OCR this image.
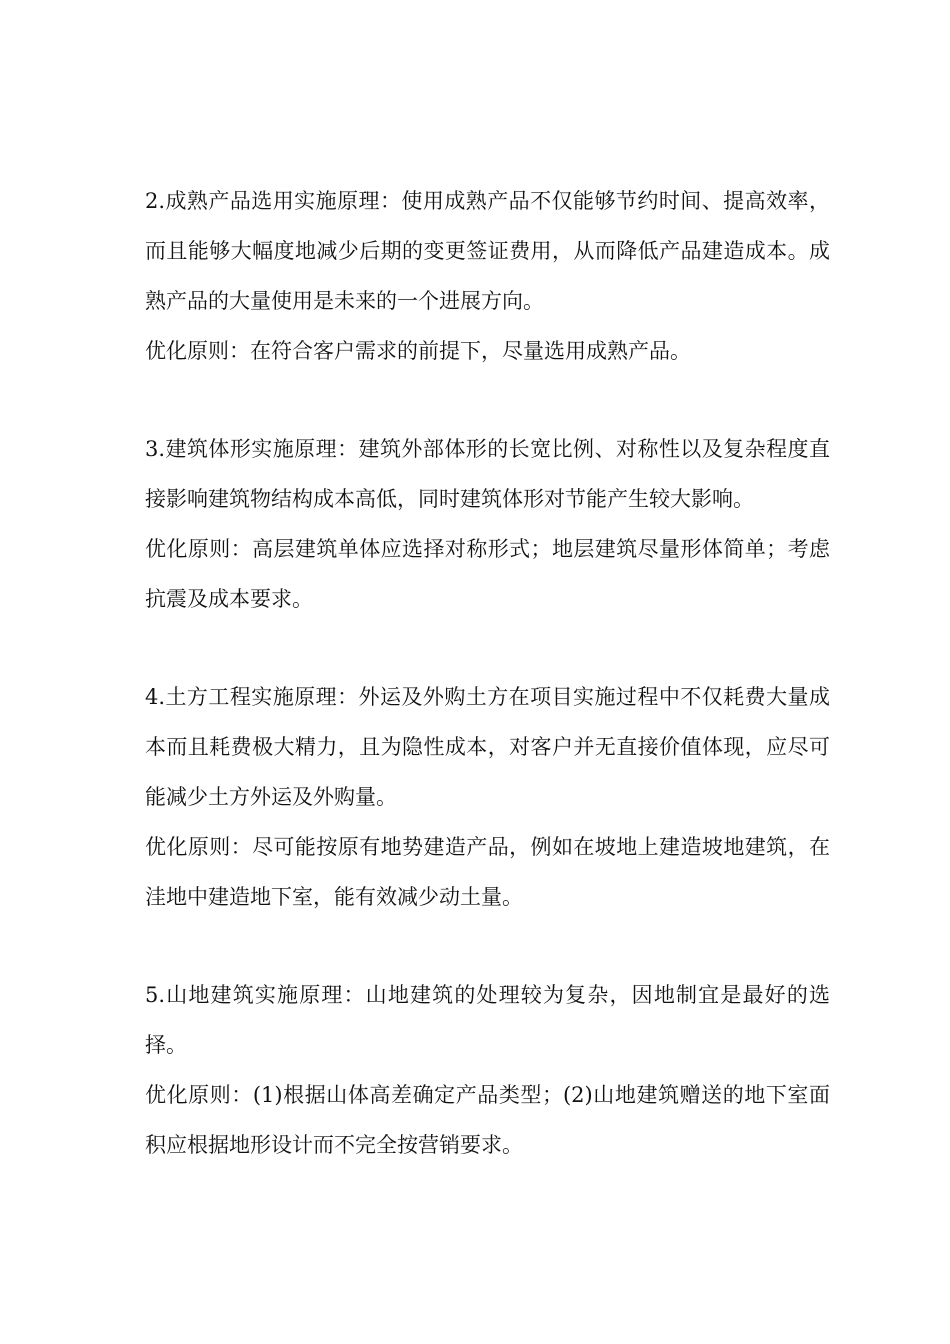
2.成熟产品选用实施原理：使用成熟产品不仅能够节约时间、提高效率，而且能够大幅度地减少后期的变更签证费用，从而降低产品建造成本。成熟产品的大量使用是未来的一个进展方向。

优化原则：在符合客户需求的前提下，尽量选用成熟产品。

3.建筑体形实施原理：建筑外部体形的长宽比例、对称性以及复杂程度直接影响建筑物结构成本高低，同时建筑体形对节能产生较大影响。

优化原则：高层建筑单体应选择对称形式；地层建筑尽量形体简单；考虑抗震及成本要求。

4.土方工程实施原理：外运及外购土方在项目实施过程中不仅耗费大量成本而且耗费极大精力，且为隐性成本，对客户并无直接价值体现，应尽可能减少土方外运及外购量。

优化原则：尽可能按原有地势建造产品，例如在坡地上建造坡地建筑，在洼地中建造地下室，能有效减少动土量。

5.山地建筑实施原理：山地建筑的处理较为复杂，因地制宜是最好的选择。

优化原则：(1)根据山体高差确定产品类型；(2)山地建筑赠送的地下室面积应根据地形设计而不完全按营销要求。
